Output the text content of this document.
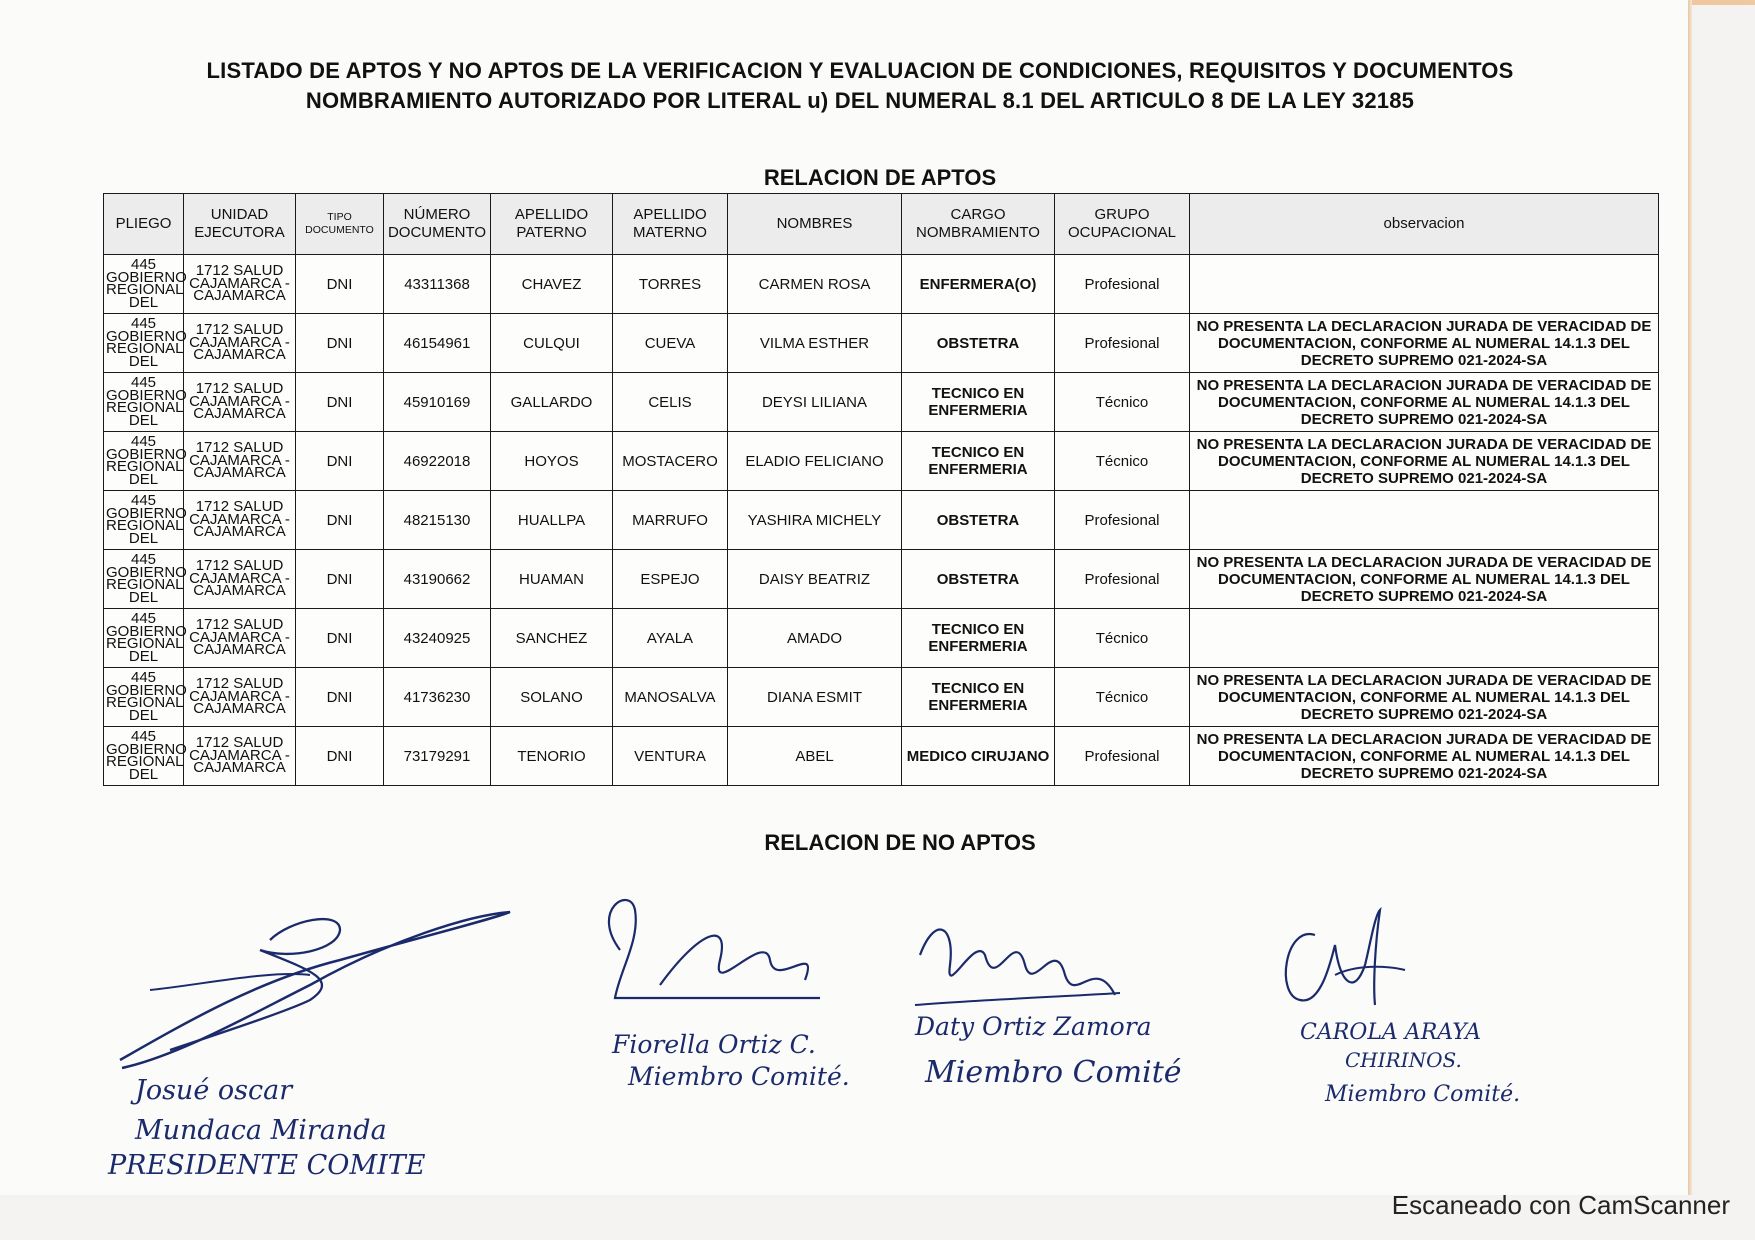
LISTADO DE APTOS Y NO APTOS DE LA VERIFICACION Y EVALUACION DE CONDICIONES, REQUISITOS Y DOCUMENTOS
NOMBRAMIENTO AUTORIZADO POR LITERAL u) DEL NUMERAL 8.1 DEL ARTICULO 8 DE LA LEY 32185
RELACION DE APTOS
PLIEGO	UNIDAD EJECUTORA	TIPO DOCUMENTO	NÚMERO DOCUMENTO	APELLIDO PATERNO	APELLIDO MATERNO	NOMBRES	CARGO NOMBRAMIENTO	GRUPO OCUPACIONAL	observacion
445 GOBIERNO REGIONAL DEL	1712 SALUD CAJAMARCA - CAJAMARCA	DNI	43311368	CHAVEZ	TORRES	CARMEN ROSA	ENFERMERA(O)	Profesional	
445 GOBIERNO REGIONAL DEL	1712 SALUD CAJAMARCA - CAJAMARCA	DNI	46154961	CULQUI	CUEVA	VILMA ESTHER	OBSTETRA	Profesional	NO PRESENTA LA DECLARACION JURADA DE VERACIDAD DE DOCUMENTACION, CONFORME AL NUMERAL 14.1.3 DEL DECRETO SUPREMO 021-2024-SA
445 GOBIERNO REGIONAL DEL	1712 SALUD CAJAMARCA - CAJAMARCA	DNI	45910169	GALLARDO	CELIS	DEYSI LILIANA	TECNICO EN ENFERMERIA	Técnico	NO PRESENTA LA DECLARACION JURADA DE VERACIDAD DE DOCUMENTACION, CONFORME AL NUMERAL 14.1.3 DEL DECRETO SUPREMO 021-2024-SA
445 GOBIERNO REGIONAL DEL	1712 SALUD CAJAMARCA - CAJAMARCA	DNI	46922018	HOYOS	MOSTACERO	ELADIO FELICIANO	TECNICO EN ENFERMERIA	Técnico	NO PRESENTA LA DECLARACION JURADA DE VERACIDAD DE DOCUMENTACION, CONFORME AL NUMERAL 14.1.3 DEL DECRETO SUPREMO 021-2024-SA
445 GOBIERNO REGIONAL DEL	1712 SALUD CAJAMARCA - CAJAMARCA	DNI	48215130	HUALLPA	MARRUFO	YASHIRA MICHELY	OBSTETRA	Profesional	
445 GOBIERNO REGIONAL DEL	1712 SALUD CAJAMARCA - CAJAMARCA	DNI	43190662	HUAMAN	ESPEJO	DAISY BEATRIZ	OBSTETRA	Profesional	NO PRESENTA LA DECLARACION JURADA DE VERACIDAD DE DOCUMENTACION, CONFORME AL NUMERAL 14.1.3 DEL DECRETO SUPREMO 021-2024-SA
445 GOBIERNO REGIONAL DEL	1712 SALUD CAJAMARCA - CAJAMARCA	DNI	43240925	SANCHEZ	AYALA	AMADO	TECNICO EN ENFERMERIA	Técnico	
445 GOBIERNO REGIONAL DEL	1712 SALUD CAJAMARCA - CAJAMARCA	DNI	41736230	SOLANO	MANOSALVA	DIANA ESMIT	TECNICO EN ENFERMERIA	Técnico	NO PRESENTA LA DECLARACION JURADA DE VERACIDAD DE DOCUMENTACION, CONFORME AL NUMERAL 14.1.3 DEL DECRETO SUPREMO 021-2024-SA
445 GOBIERNO REGIONAL DEL	1712 SALUD CAJAMARCA - CAJAMARCA	DNI	73179291	TENORIO	VENTURA	ABEL	MEDICO CIRUJANO	Profesional	NO PRESENTA LA DECLARACION JURADA DE VERACIDAD DE DOCUMENTACION, CONFORME AL NUMERAL 14.1.3 DEL DECRETO SUPREMO 021-2024-SA
RELACION DE NO APTOS
Josué oscar
Mundaca Miranda
PRESIDENTE COMITE
Fiorella Ortiz C.
Miembro Comité.
Daty Ortiz Zamora
Miembro Comité
CAROLA ARAYA
CHIRINOS.
Miembro Comité.
Escaneado con CamScanner
